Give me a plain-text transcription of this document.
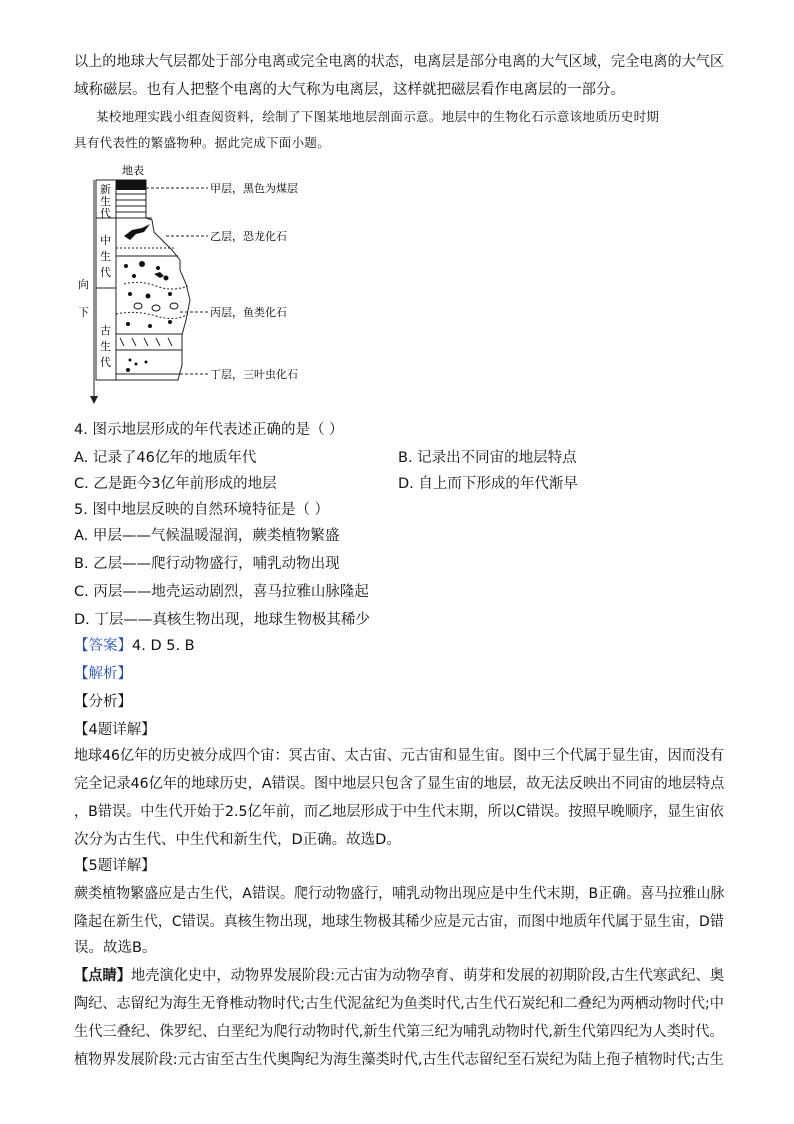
以上的地球大气层都处于部分电离或完全电离的状态，电离层是部分电离的大气区域，完全电离的大气区
域称磁层。也有人把整个电离的大气称为电离层，这样就把磁层看作电离层的一部分。
某校地理实践小组查阅资料，绘制了下图某地地层剖面示意。地层中的生物化石示意该地质历史时期
具有代表性的繁盛物种。据此完成下面小题。
地表
新
生
代
中
生
代
古
生
代
向
下
甲层，黑色为煤层
乙层，恐龙化石
丙层，鱼类化石
丁层，三叶虫化石
4. 图示地层形成的年代表述正确的是（ ）
A. 记录了46亿年的地质年代	B. 记录出不同宙的地层特点
C. 乙是距今3亿年前形成的地层	D. 自上而下形成的年代渐早
5. 图中地层反映的自然环境特征是（ ）
A. 甲层——气候温暖湿润，蕨类植物繁盛
B. 乙层——爬行动物盛行，哺乳动物出现
C. 丙层——地壳运动剧烈，喜马拉雅山脉隆起
D. 丁层——真核生物出现，地球生物极其稀少
【答案】4. D 5. B
【解析】
【分析】
【4题详解】
地球46亿年的历史被分成四个宙：冥古宙、太古宙、元古宙和显生宙。图中三个代属于显生宙，因而没有
完全记录46亿年的地球历史，A错误。图中地层只包含了显生宙的地层，故无法反映出不同宙的地层特点
，B错误。中生代开始于2.5亿年前，而乙地层形成于中生代末期，所以C错误。按照早晚顺序，显生宙依
次分为古生代、中生代和新生代，D正确。故选D。
【5题详解】
蕨类植物繁盛应是古生代，A错误。爬行动物盛行，哺乳动物出现应是中生代末期，B正确。喜马拉雅山脉
隆起在新生代，C错误。真核生物出现，地球生物极其稀少应是元古宙，而图中地质年代属于显生宙，D错
误。故选B。
【点睛】地壳演化史中，动物界发展阶段:元古宙为动物孕育、萌芽和发展的初期阶段,古生代寒武纪、奥
陶纪、志留纪为海生无脊椎动物时代;古生代泥盆纪为鱼类时代,古生代石炭纪和二叠纪为两栖动物时代;中
生代三叠纪、侏罗纪、白垩纪为爬行动物时代,新生代第三纪为哺乳动物时代,新生代第四纪为人类时代。
植物界发展阶段:元古宙至古生代奥陶纪为海生藻类时代,古生代志留纪至石炭纪为陆上孢子植物时代;古生
